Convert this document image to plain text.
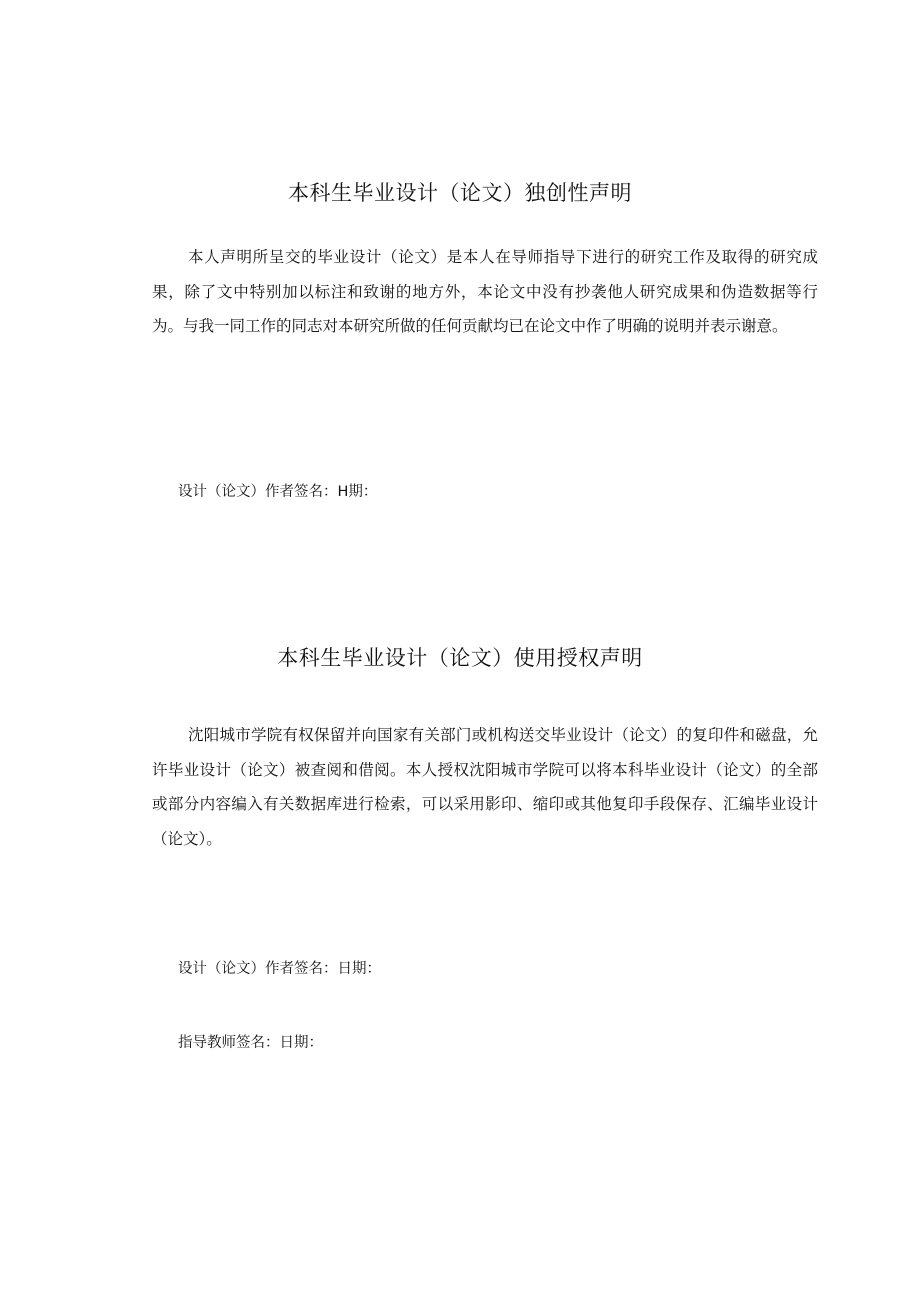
本科生毕业设计（论文）独创性声明

本人声明所呈交的毕业设计（论文）是本人在导师指导下进行的研究工作及取得的研究成果，除了文中特别加以标注和致谢的地方外，本论文中没有抄袭他人研究成果和伪造数据等行为。与我一同工作的同志对本研究所做的任何贡献均已在论文中作了明确的说明并表示谢意。

设计（论文）作者签名：H期：
本科生毕业设计（论文）使用授权声明

沈阳城市学院有权保留并向国家有关部门或机构送交毕业设计（论文）的复印件和磁盘，允许毕业设计（论文）被查阅和借阅。本人授权沈阳城市学院可以将本科毕业设计（论文）的全部或部分内容编入有关数据库进行检索，可以采用影印、缩印或其他复印手段保存、汇编毕业设计（论文）。

设计（论文）作者签名：日期：
指导教师签名：日期：
